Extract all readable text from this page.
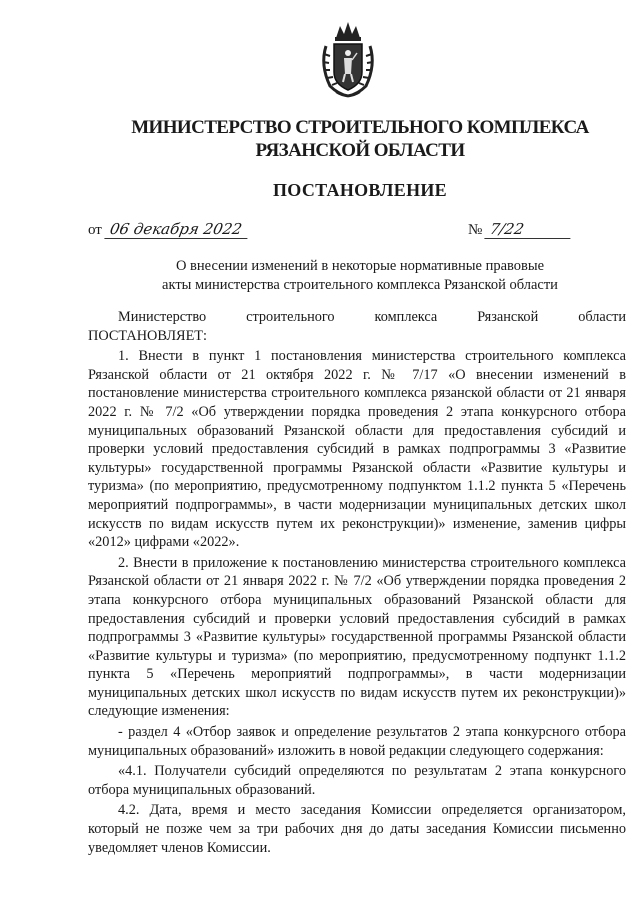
МИНИСТЕРСТВО СТРОИТЕЛЬНОГО КОМПЛЕКСА
РЯЗАНСКОЙ ОБЛАСТИ
ПОСТАНОВЛЕНИЕ
от 06 декабря 2022	№ 7/22
О внесении изменений в некоторые нормативные правовые
акты министерства строительного комплекса Рязанской области

Министерство строительного комплекса Рязанской области

ПОСТАНОВЛЯЕТ:

1. Внести в пункт 1 постановления министерства строительного комплекса Рязанской области от 21 октября 2022 г. № 7/17 «О внесении изменений в постановление министерства строительного комплекса рязанской области от 21 января 2022 г. № 7/2 «Об утверждении порядка проведения 2 этапа конкурсного отбора муниципальных образований Рязанской области для предоставления субсидий и проверки условий предоставления субсидий в рамках подпрограммы 3 «Развитие культуры» государственной программы Рязанской области «Развитие культуры и туризма» (по мероприятию, предусмотренному подпунктом 1.1.2 пункта 5 «Перечень мероприятий подпрограммы», в части модернизации муниципальных детских школ искусств по видам искусств путем их реконструкции)» изменение, заменив цифры «2012» цифрами «2022».

2. Внести в приложение к постановлению министерства строительного комплекса Рязанской области от 21 января 2022 г. № 7/2 «Об утверждении порядка проведения 2 этапа конкурсного отбора муниципальных образований Рязанской области для предоставления субсидий и проверки условий предоставления субсидий в рамках подпрограммы 3 «Развитие культуры» государственной программы Рязанской области «Развитие культуры и туризма» (по мероприятию, предусмотренному подпункт 1.1.2 пункта 5 «Перечень мероприятий подпрограммы», в части модернизации муниципальных детских школ искусств по видам искусств путем их реконструкции)» следующие изменения:

- раздел 4 «Отбор заявок и определение результатов 2 этапа конкурсного отбора муниципальных образований» изложить в новой редакции следующего содержания:

«4.1. Получатели субсидий определяются по результатам 2 этапа конкурсного отбора муниципальных образований.

4.2. Дата, время и место заседания Комиссии определяется организатором, который не позже чем за три рабочих дня до даты заседания Комиссии письменно уведомляет членов Комиссии.
